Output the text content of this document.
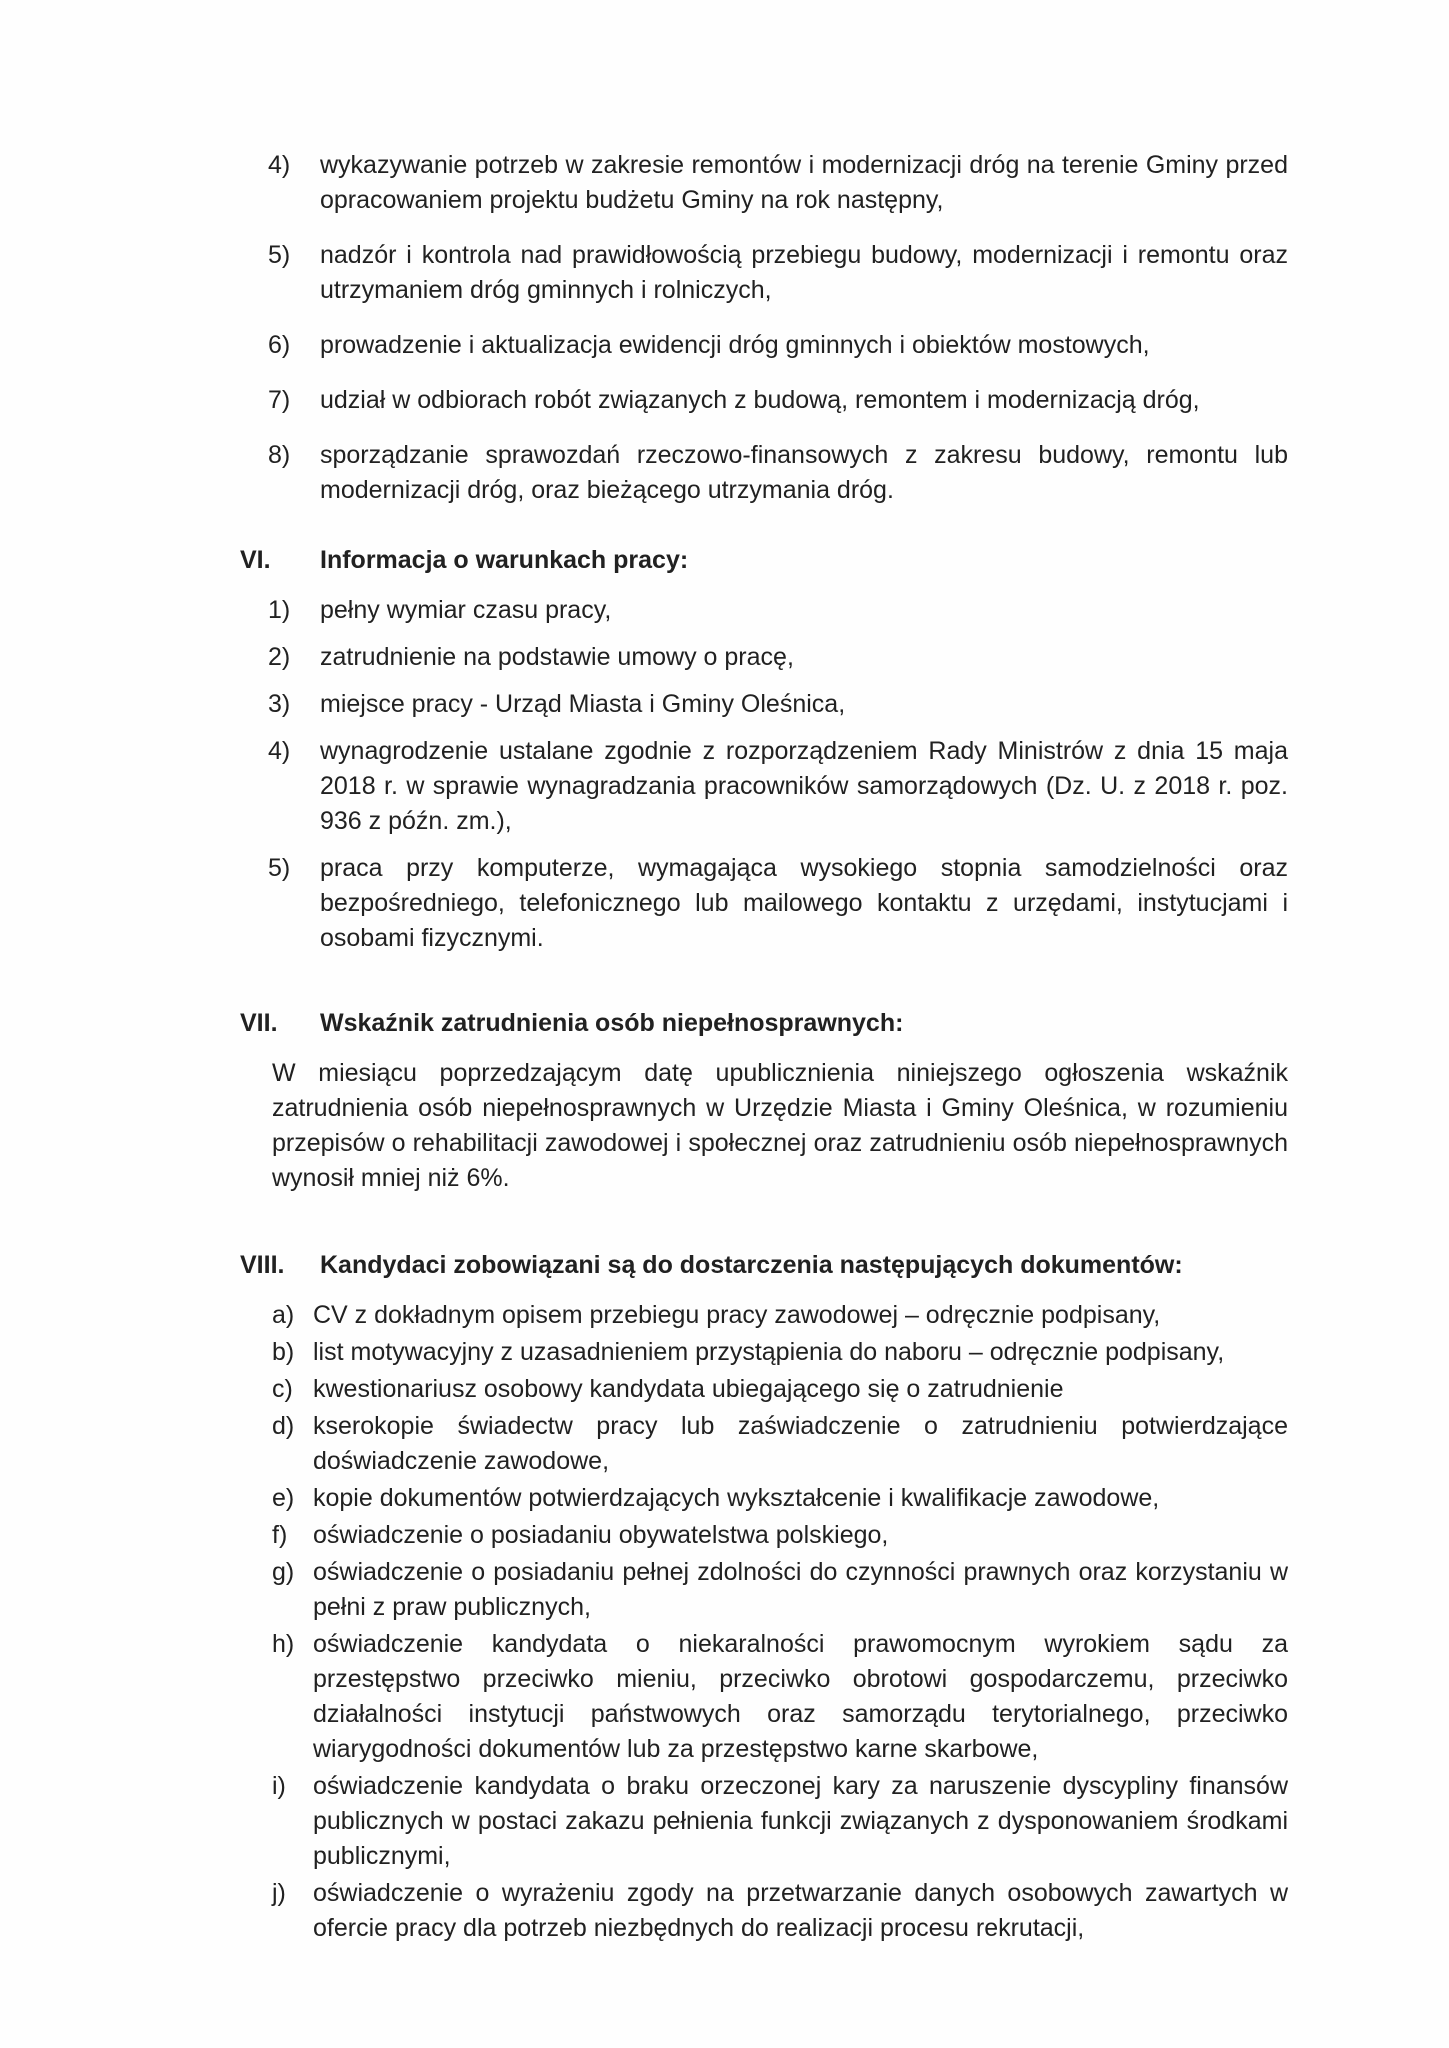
4)	wykazywanie potrzeb w zakresie remontów i modernizacji dróg na terenie Gminy przed opracowaniem projektu budżetu Gminy na rok następny,
5)	nadzór i kontrola nad prawidłowością przebiegu budowy, modernizacji i remontu oraz utrzymaniem dróg gminnych i rolniczych,
6)	prowadzenie i aktualizacja ewidencji dróg gminnych i obiektów mostowych,
7)	udział w odbiorach robót związanych z budową, remontem i modernizacją dróg,
8)	sporządzanie sprawozdań rzeczowo-finansowych z zakresu budowy, remontu lub modernizacji dróg, oraz bieżącego utrzymania dróg.
VI.	Informacja o warunkach pracy:
1)	pełny wymiar czasu pracy,
2)	zatrudnienie na podstawie umowy o pracę,
3)	miejsce pracy - Urząd Miasta i Gminy Oleśnica,
4)	wynagrodzenie ustalane zgodnie z rozporządzeniem Rady Ministrów z dnia 15 maja 2018 r. w sprawie wynagradzania pracowników samorządowych (Dz. U. z 2018 r. poz. 936 z późn. zm.),
5)	praca przy komputerze, wymagająca wysokiego stopnia samodzielności oraz bezpośredniego, telefonicznego lub mailowego kontaktu z urzędami, instytucjami i osobami fizycznymi.
VII.	Wskaźnik zatrudnienia osób niepełnosprawnych:

W miesiącu poprzedzającym datę upublicznienia niniejszego ogłoszenia wskaźnik zatrudnienia osób niepełnosprawnych w Urzędzie Miasta i Gminy Oleśnica, w rozumieniu przepisów o rehabilitacji zawodowej i społecznej oraz zatrudnieniu osób niepełnosprawnych wynosił mniej niż 6%.

VIII.	Kandydaci zobowiązani są do dostarczenia następujących dokumentów:
a) CV z dokładnym opisem przebiegu pracy zawodowej – odręcznie podpisany,
b) list motywacyjny z uzasadnieniem przystąpienia do naboru – odręcznie podpisany,
c) kwestionariusz osobowy kandydata ubiegającego się o zatrudnienie
d) kserokopie świadectw pracy lub zaświadczenie o zatrudnieniu potwierdzające doświadczenie zawodowe,
e) kopie dokumentów potwierdzających wykształcenie i kwalifikacje zawodowe,
f)	oświadczenie o posiadaniu obywatelstwa polskiego,
g) oświadczenie o posiadaniu pełnej zdolności do czynności prawnych oraz korzystaniu w pełni z praw publicznych,
h) oświadczenie kandydata o niekaralności prawomocnym wyrokiem sądu za przestępstwo przeciwko mieniu, przeciwko obrotowi gospodarczemu, przeciwko działalności instytucji państwowych oraz samorządu terytorialnego, przeciwko wiarygodności dokumentów lub za przestępstwo karne skarbowe,
i)	oświadczenie kandydata o braku orzeczonej kary za naruszenie dyscypliny finansów publicznych w postaci zakazu pełnienia funkcji związanych z dysponowaniem środkami publicznymi,
j)	oświadczenie o wyrażeniu zgody na przetwarzanie danych osobowych zawartych w ofercie pracy dla potrzeb niezbędnych do realizacji procesu rekrutacji,
